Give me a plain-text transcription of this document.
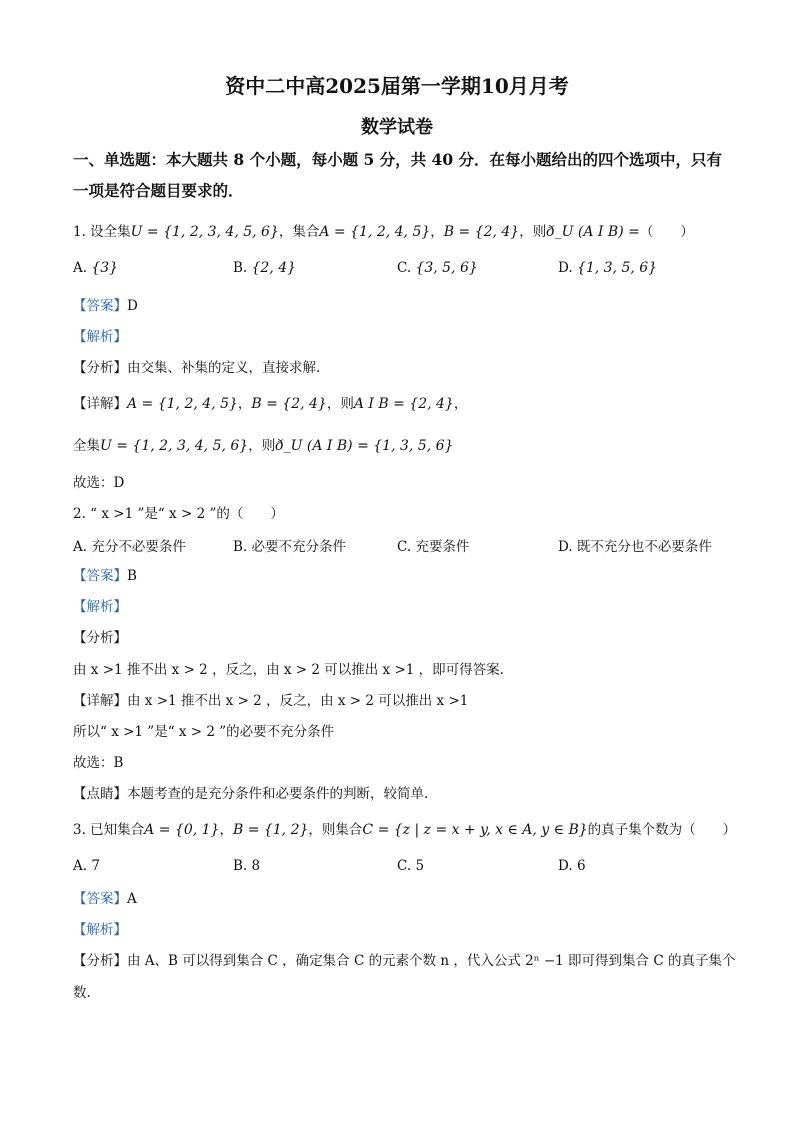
资中二中高2025届第一学期10月月考
数学试卷
一、单选题：本大题共 8 个小题，每小题 5 分，共 40 分．在每小题给出的四个选项中，只有
一项是符合题目要求的．
1. 设全集U = {1, 2, 3, 4, 5, 6}，集合A = {1, 2, 4, 5}，B = {2, 4}，则ð_U (A I B) =（　　）
A. {3}	B. {2, 4}	C. {3, 5, 6}	D. {1, 3, 5, 6}
【答案】D
【解析】
【分析】由交集、补集的定义，直接求解.
【详解】A = {1, 2, 4, 5}，B = {2, 4}，则A I B = {2, 4}，
全集U = {1, 2, 3, 4, 5, 6}，则ð_U (A I B) = {1, 3, 5, 6}
故选：D
2. “ x >1 ”是“ x > 2 ”的（　　）
A. 充分不必要条件	B. 必要不充分条件	C. 充要条件	D. 既不充分也不必要条件
【答案】B
【解析】
【分析】
由 x >1 推不出 x > 2 ，反之，由 x > 2 可以推出 x >1 ，即可得答案.
【详解】由 x >1 推不出 x > 2 ，反之，由 x > 2 可以推出 x >1
所以“ x >1 ”是“ x > 2 ”的必要不充分条件
故选：B
【点睛】本题考查的是充分条件和必要条件的判断，较简单.
3. 已知集合A = {0, 1}，B = {1, 2}，则集合C = {z | z = x + y, x ∈ A, y ∈ B}的真子集个数为（　　）
A. 7	B. 8	C. 5	D. 6
【答案】A
【解析】
【分析】由 A、B 可以得到集合 C ，确定集合 C 的元素个数 n ，代入公式 2ⁿ −1 即可得到集合 C 的真子集个
数.
